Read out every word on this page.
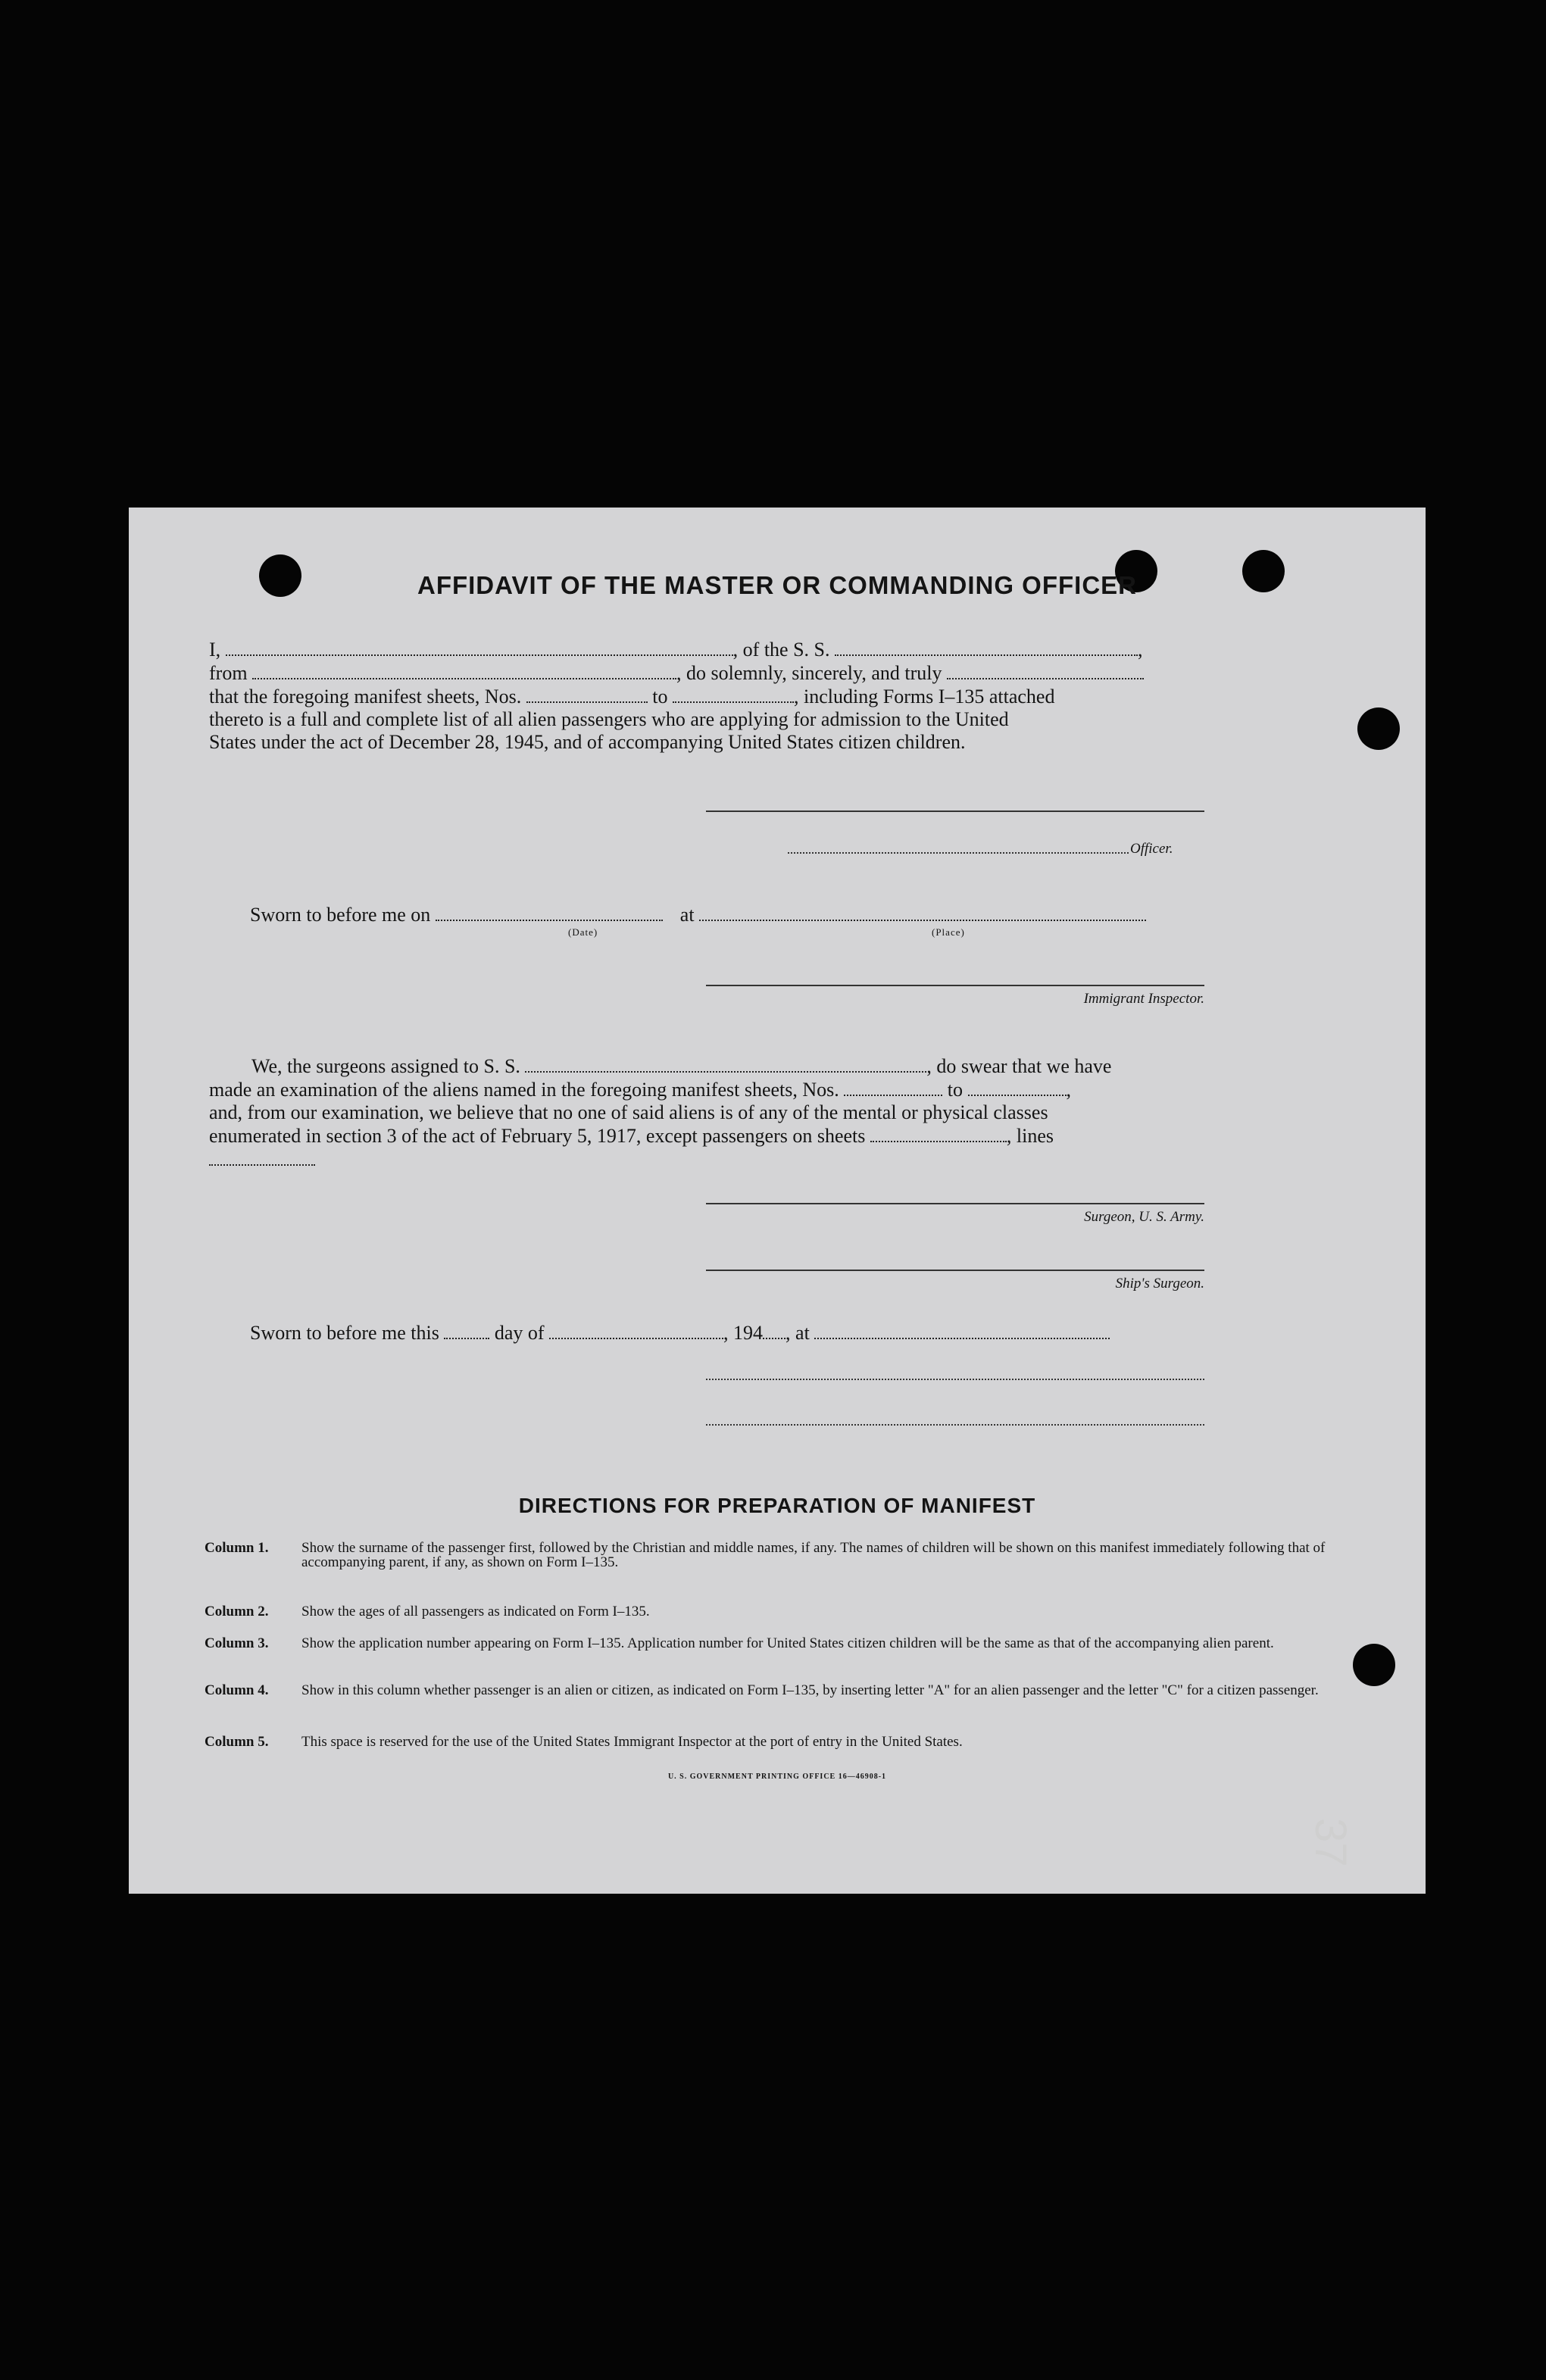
AFFIDAVIT OF THE MASTER OR COMMANDING OFFICER
I,	, of the S. S.	,
from	, do solemnly, sincerely, and truly
that the foregoing manifest sheets, Nos.	to	, including Forms I–135 attached
thereto is a full and complete list of all alien passengers who are applying for admission to the United
States under the act of December 28, 1945, and of accompanying United States citizen children.
Officer.
Sworn to before me on	at
(Date)	(Place)
Immigrant Inspector.
We, the surgeons assigned to S. S.	, do swear that we have
made an examination of the aliens named in the foregoing manifest sheets, Nos.	to	,
and, from our examination, we believe that no one of said aliens is of any of the mental or physical classes
enumerated in section 3 of the act of February 5, 1917, except passengers on sheets	, lines
Surgeon, U. S. Army.
Ship's Surgeon.
Sworn to before me this	day of	, 194 , at
DIRECTIONS FOR PREPARATION OF MANIFEST
Column 1.	Show the surname of the passenger first, followed by the Christian and middle names, if any. The names of children will be shown on this manifest immediately following that of accompanying parent, if any, as shown on Form I–135.
Column 2.	Show the ages of all passengers as indicated on Form I–135.
Column 3.	Show the application number appearing on Form I–135. Application number for United States citizen children will be the same as that of the accompanying alien parent.
Column 4.	Show in this column whether passenger is an alien or citizen, as indicated on Form I–135, by inserting letter "A" for an alien passenger and the letter "C" for a citizen passenger.
Column 5.	This space is reserved for the use of the United States Immigrant Inspector at the port of entry in the United States.
U. S. GOVERNMENT PRINTING OFFICE 16—46908-1
37
